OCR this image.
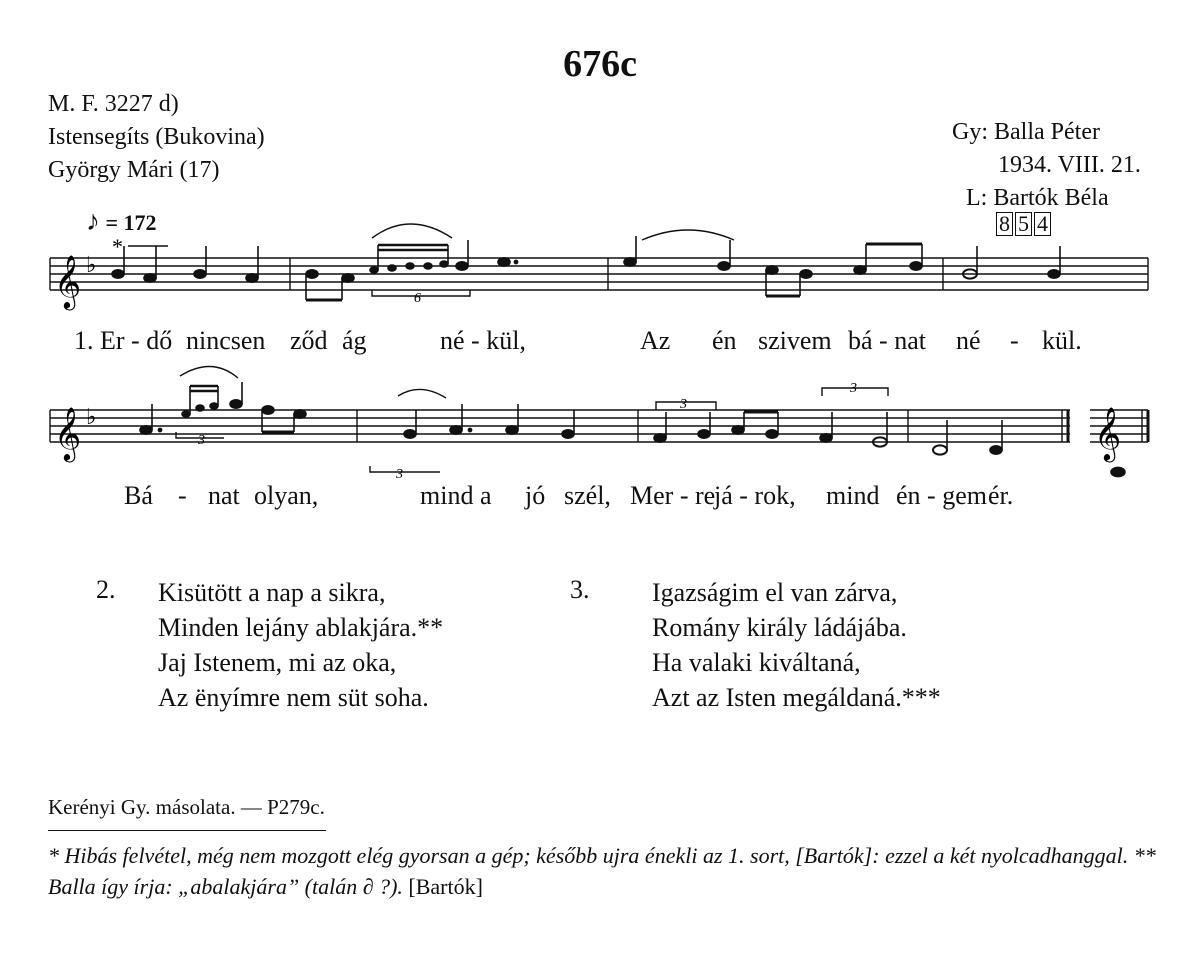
676c
M. F. 3227 d)
Istensegíts (Bukovina)
György Mári (17)
Gy: Balla Péter
1934. VIII. 21.
L: Bartók Béla
8 5 4
♪ = 172
𝄞 ♭
𝄞 ♭	𝄞
*
6
3
3
3
3
1. Er - dő nincsen ződ ág	né - kül,	Az én szivem bá - nat né - kül.
Bá - nat olyan,	mind a jó szél, Mer - re
já - rok, mind én - gem ér.
2. Kisütött a nap a sikra,
Minden lejány ablakjára.**
Jaj Istenem, mi az oka,
Az ënyímre nem süt soha.
3. Igazságim el van zárva,
Romány király ládájába.
Ha valaki kiváltaná,
Azt az Isten megáldaná.***
Kerényi Gy. másolata. — P279c.
* Hibás felvétel, még nem mozgott elég gyorsan a gép; később ujra énekli az 1. sort, [Bartók]: ezzel a két nyolcadhanggal. ** Balla így írja: „abalakjára” (talán ∂ ?). [Bartók]
